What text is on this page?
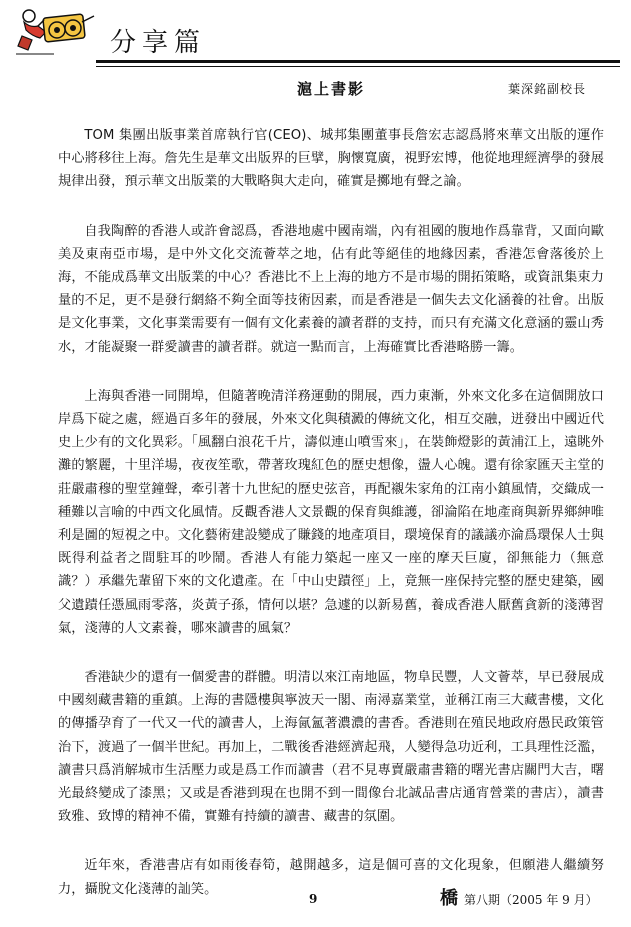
分享篇
滬上書影	葉深銘副校長

TOM 集團出版事業首席執行官(CEO)、城邦集團董事長詹宏志認爲將來華文出版的運作中心將移往上海。詹先生是華文出版界的巨擘，胸懷寬廣，視野宏博，他從地理經濟學的發展規律出發，預示華文出版業的大戰略與大走向，確實是擲地有聲之論。

自我陶醉的香港人或許會認爲，香港地處中國南端，內有祖國的腹地作爲靠背，又面向歐美及東南亞市場，是中外文化交流薈萃之地，佔有此等絕佳的地緣因素，香港怎會落後於上海，不能成爲華文出版業的中心？香港比不上上海的地方不是市場的開拓策略，或資訊集束力量的不足，更不是發行網絡不夠全面等技術因素，而是香港是一個失去文化涵養的社會。出版是文化事業，文化事業需要有一個有文化素養的讀者群的支持，而只有充滿文化意涵的靈山秀水，才能凝聚一群愛讀書的讀者群。就這一點而言，上海確實比香港略勝一籌。

上海與香港一同開埠，但隨著晚清洋務運動的開展，西力東漸，外來文化多在這個開放口岸爲下碇之處，經過百多年的發展，外來文化與積澱的傳統文化，相互交融，迸發出中國近代史上少有的文化異彩。「風翻白浪花千片，濤似連山噴雪來」，在裝飾燈影的黃浦江上，遠眺外灘的繁麗，十里洋場，夜夜笙歌，帶著玫瑰紅色的歷史想像，盪人心魄。還有徐家匯天主堂的莊嚴肅穆的聖堂鐘聲，牽引著十九世紀的歷史弦音，再配襯朱家角的江南小鎮風情，交織成一種難以言喻的中西文化風情。反觀香港人文景觀的保育與維護，卻淪陷在地產商與新界鄉紳唯利是圖的短視之中。文化藝術建設變成了賺錢的地產項目，環境保育的議議亦淪爲環保人士與既得利益者之間駐耳的吵鬧。香港人有能力築起一座又一座的摩天巨廈，卻無能力（無意識？）承繼先輩留下來的文化遺產。在「中山史蹟徑」上，竟無一座保持完整的歷史建築，國父遺蹟任憑風雨零落，炎黃子孫，情何以堪？急遽的以新易舊，養成香港人厭舊貪新的淺薄習氣，淺薄的人文素養，哪來讀書的風氣？

香港缺少的還有一個愛書的群體。明清以來江南地區，物阜民豐，人文薈萃，早已發展成中國刻藏書籍的重鎮。上海的書隱樓與寧波天一閣、南潯嘉業堂，並稱江南三大藏書樓，文化的傳播孕育了一代又一代的讀書人，上海氤氳著濃濃的書香。香港則在殖民地政府愚民政策管治下，渡過了一個半世紀。再加上，二戰後香港經濟起飛，人變得急功近利，工具理性泛濫，讀書只爲消解城市生活壓力或是爲工作而讀書（君不見專賣嚴肅書籍的曙光書店關門大吉，曙光最終變成了漆黑；又或是香港到現在也開不到一間像台北誠品書店通宵營業的書店），讀書致雅、致博的精神不備，實難有持續的讀書、藏書的氛圍。

近年來，香港書店有如雨後春筍，越開越多，這是個可喜的文化現象，但願港人繼續努力，攝脫文化淺薄的訕笑。

9	橋第八期（2005 年 9 月）
